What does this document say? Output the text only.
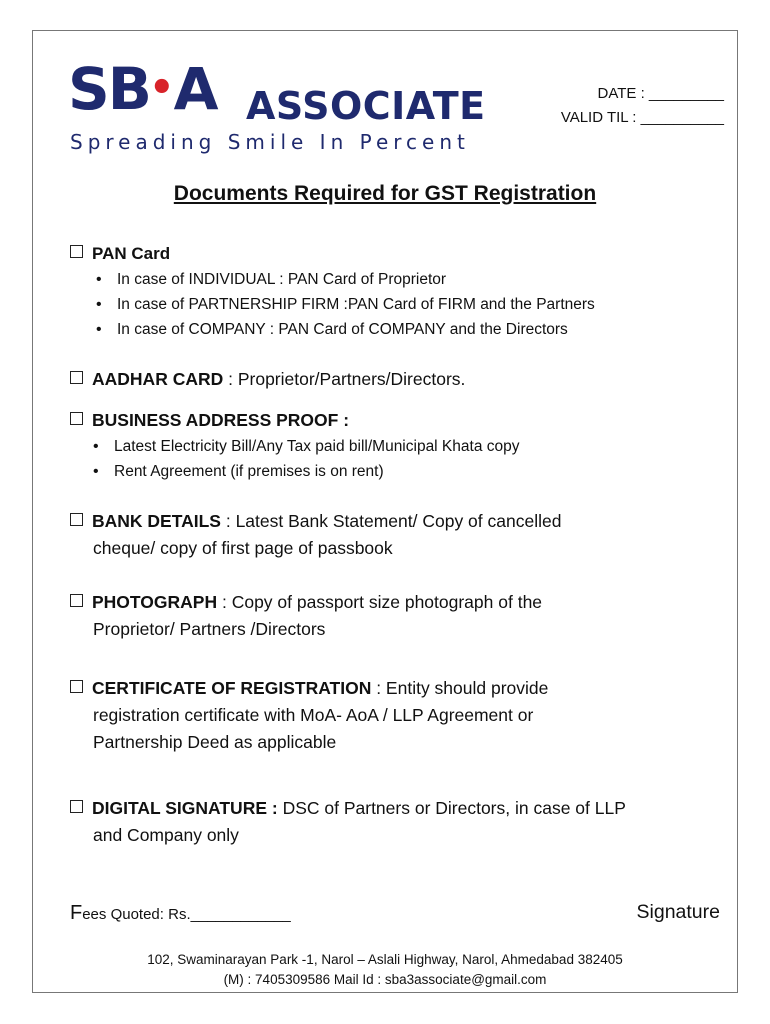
SB•A ASSOCIATE
Spreading Smile In Percent
DATE : _________
VALID TIL : __________
Documents Required for GST Registration
PAN Card
• In case of INDIVIDUAL : PAN Card of Proprietor
• In case of PARTNERSHIP FIRM :PAN Card of FIRM and the Partners
• In case of COMPANY : PAN Card of COMPANY and the Directors
AADHAR CARD : Proprietor/Partners/Directors.
BUSINESS ADDRESS PROOF :
• Latest Electricity Bill/Any Tax paid bill/Municipal Khata copy
• Rent Agreement (if premises is on rent)
BANK DETAILS : Latest Bank Statement/ Copy of cancelled
cheque/ copy of first page of passbook
PHOTOGRAPH : Copy of passport size photograph of the
Proprietor/ Partners /Directors
CERTIFICATE OF REGISTRATION : Entity should provide
registration certificate with MoA- AoA / LLP Agreement or
Partnership Deed as applicable
DIGITAL SIGNATURE : DSC of Partners or Directors, in case of LLP
and Company only
Fees Quoted: Rs.____________	Signature
102, Swaminarayan Park -1, Narol – Aslali Highway, Narol, Ahmedabad 382405
(M) : 7405309586 Mail Id : sba3associate@gmail.com
